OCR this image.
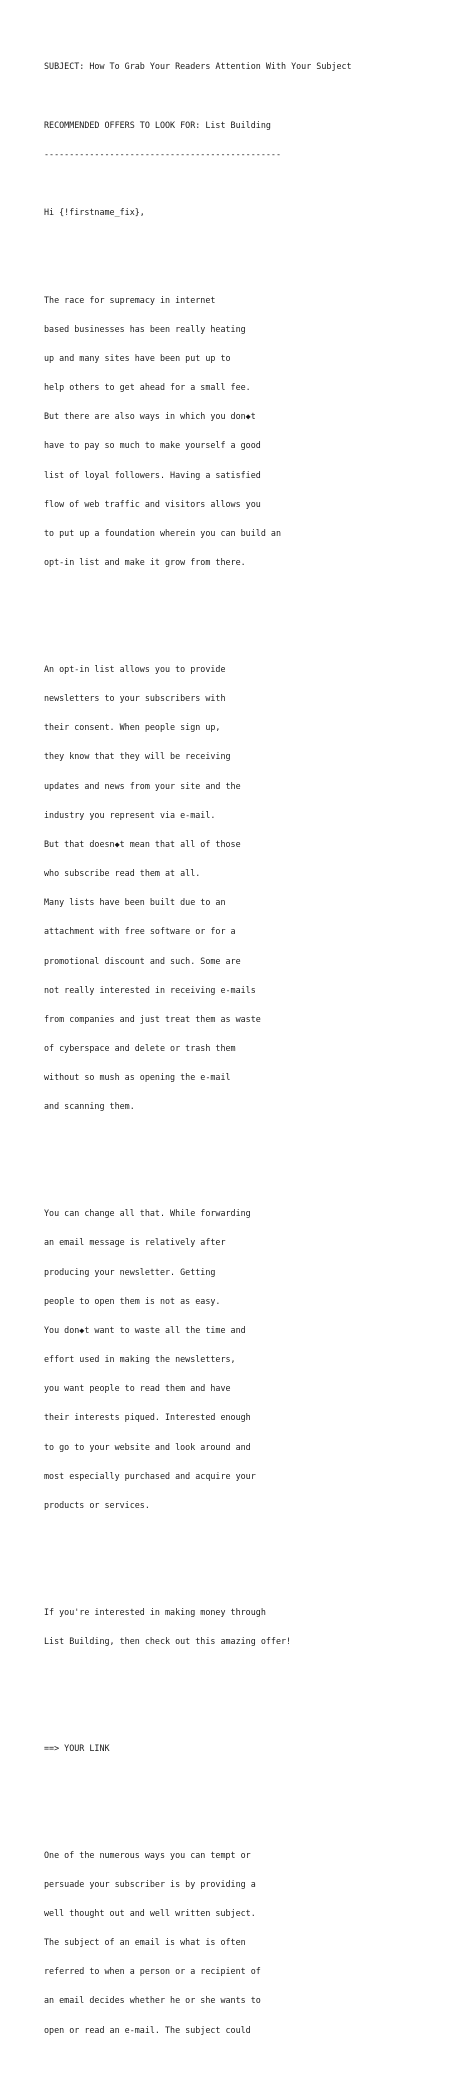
SUBJECT: How To Grab Your Readers Attention With Your Subject

RECOMMENDED OFFERS TO LOOK FOR: List Building

-----------------------------------------------

Hi {!firstname_fix},

The race for supremacy in internet

based businesses has been really heating

up and many sites have been put up to

help others to get ahead for a small fee.

But there are also ways in which you don◆t

have to pay so much to make yourself a good

list of loyal followers. Having a satisfied

flow of web traffic and visitors allows you

to put up a foundation wherein you can build an

opt-in list and make it grow from there.

An opt-in list allows you to provide

newsletters to your subscribers with

their consent. When people sign up,

they know that they will be receiving

updates and news from your site and the

industry you represent via e-mail.

But that doesn◆t mean that all of those

who subscribe read them at all.

Many lists have been built due to an

attachment with free software or for a

promotional discount and such. Some are

not really interested in receiving e-mails

from companies and just treat them as waste

of cyberspace and delete or trash them

without so mush as opening the e-mail

and scanning them.

You can change all that. While forwarding

an email message is relatively after

producing your newsletter. Getting

people to open them is not as easy.

You don◆t want to waste all the time and

effort used in making the newsletters,

you want people to read them and have

their interests piqued. Interested enough

to go to your website and look around and

most especially purchased and acquire your

products or services.

If you're interested in making money through

List Building, then check out this amazing offer!

==> YOUR LINK

One of the numerous ways you can tempt or

persuade your subscriber is by providing a

well thought out and well written subject.

The subject of an email is what is often

referred to when a person or a recipient of

an email decides whether he or she wants to

open or read an e-mail. The subject could
